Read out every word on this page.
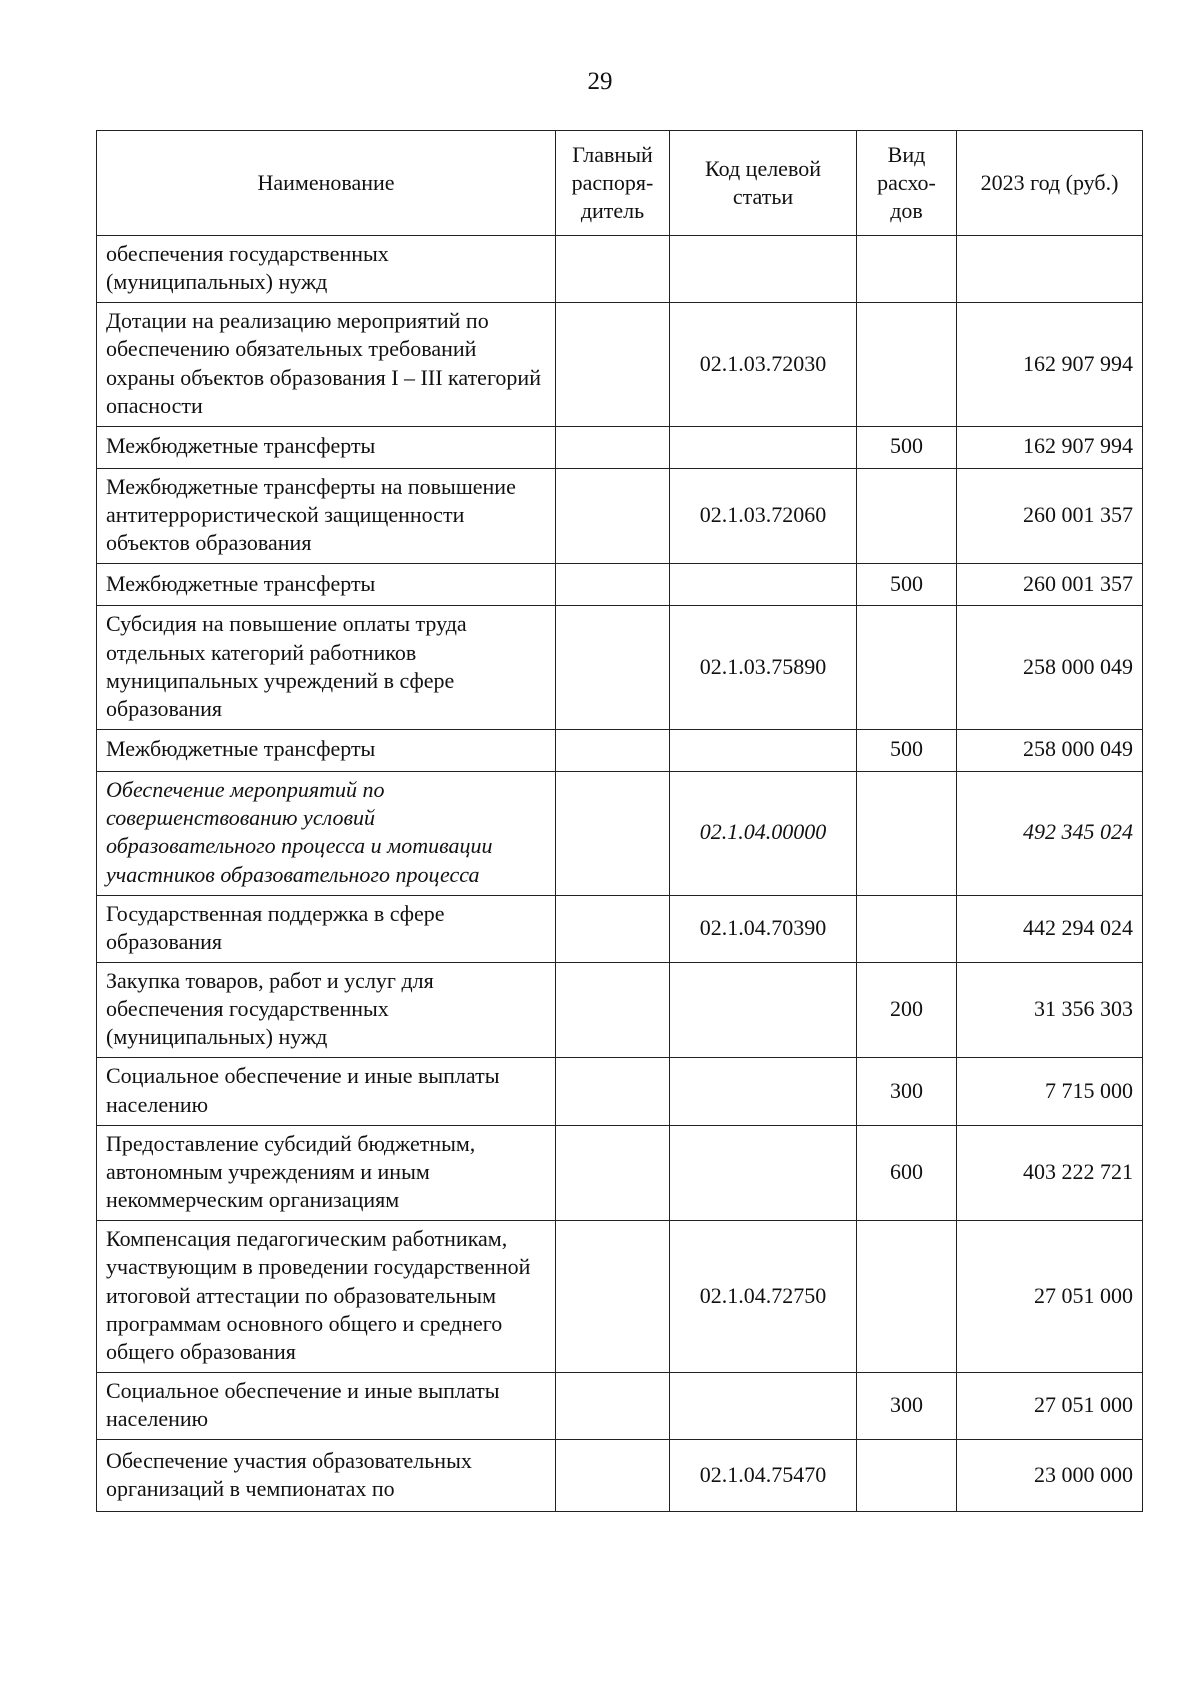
29
Наименование	Главный распоря-дитель	Код целевой статьи	Вид расхо-дов	2023 год (руб.)
обеспечения государственных (муниципальных) нужд				
Дотации на реализацию мероприятий по обеспечению обязательных требований охраны объектов образования I – III категорий опасности		02.1.03.72030		162 907 994
Межбюджетные трансферты			500	162 907 994
Межбюджетные трансферты на повышение антитеррористической защищенности объектов образования		02.1.03.72060		260 001 357
Межбюджетные трансферты			500	260 001 357
Субсидия на повышение оплаты труда отдельных категорий работников муниципальных учреждений в сфере образования		02.1.03.75890		258 000 049
Межбюджетные трансферты			500	258 000 049
Обеспечение мероприятий по совершенствованию условий образовательного процесса и мотивации участников образовательного процесса		02.1.04.00000		492 345 024
Государственная поддержка в сфере образования		02.1.04.70390		442 294 024
Закупка товаров, работ и услуг для обеспечения государственных (муниципальных) нужд			200	31 356 303
Социальное обеспечение и иные выплаты населению			300	7 715 000
Предоставление субсидий бюджетным, автономным учреждениям и иным некоммерческим организациям			600	403 222 721
Компенсация педагогическим работникам, участвующим в проведении государственной итоговой аттестации по образовательным программам основного общего и среднего общего образования		02.1.04.72750		27 051 000
Социальное обеспечение и иные выплаты населению			300	27 051 000
Обеспечение участия образовательных организаций в чемпионатах по		02.1.04.75470		23 000 000
